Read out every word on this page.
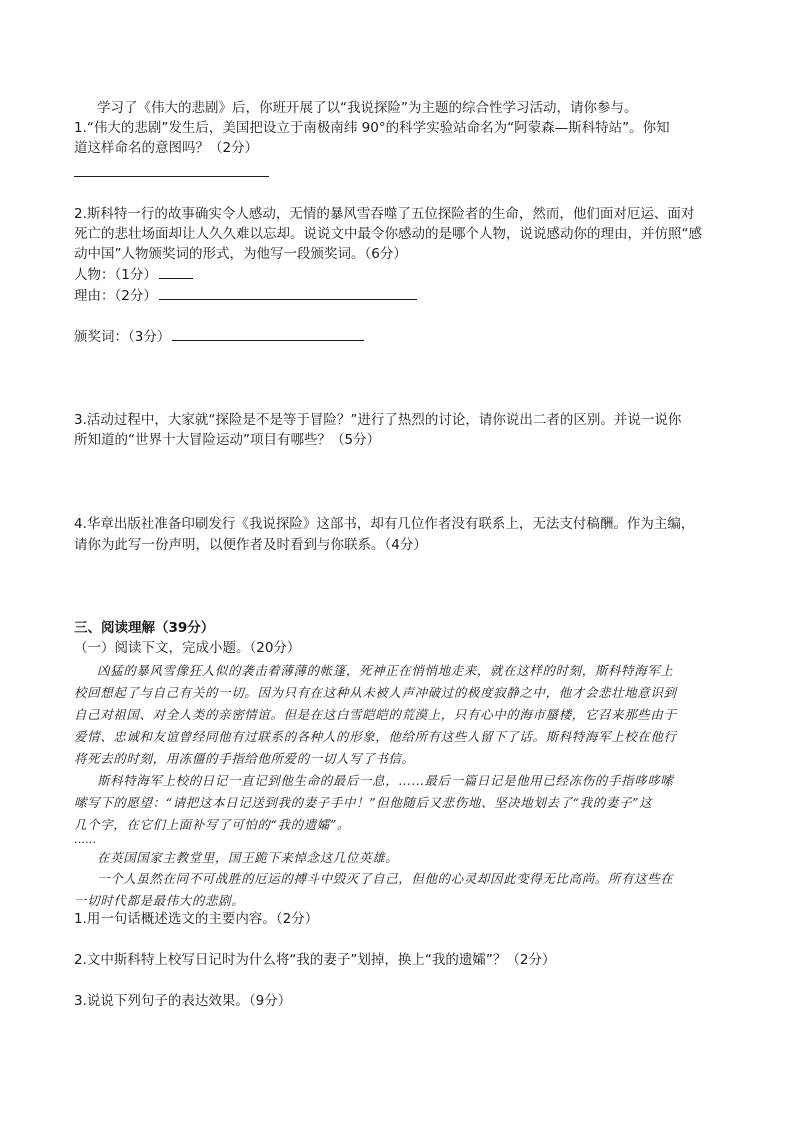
学习了《伟大的悲剧》后，你班开展了以“我说探险”为主题的综合性学习活动，请你参与。
1.“伟大的悲剧”发生后，美国把设立于南极南纬 90°的科学实验站命名为“阿蒙森—斯科特站”。你知
道这样命名的意图吗？（2分）
2.斯科特一行的故事确实令人感动，无情的暴风雪吞噬了五位探险者的生命，然而，他们面对厄运、面对
死亡的悲壮场面却让人久久难以忘却。说说文中最令你感动的是哪个人物，说说感动你的理由，并仿照“感
动中国”人物颁奖词的形式，为他写一段颁奖词。（6分）
人物：（1分）
理由：（2分）
颁奖词：（3分）
3.活动过程中，大家就“探险是不是等于冒险？”进行了热烈的讨论，请你说出二者的区别。并说一说你
所知道的“世界十大冒险运动”项目有哪些？（5分）
4.华章出版社准备印刷发行《我说探险》这部书，却有几位作者没有联系上，无法支付稿酬。作为主编，
请你为此写一份声明，以便作者及时看到与你联系。（4分）
三、阅读理解（39分）
（一）阅读下文，完成小题。（20分）
凶猛的暴风雪像狂人似的袭击着薄薄的帐篷，死神正在悄悄地走来，就在这样的时刻，斯科特海军上
校回想起了与自己有关的一切。因为只有在这种从未被人声冲破过的极度寂静之中，他才会悲壮地意识到
自己对祖国、对全人类的亲密情谊。但是在这白雪皑皑的荒漠上，只有心中的海市蜃楼，它召来那些由于
爱情、忠诚和友谊曾经同他有过联系的各种人的形象，他给所有这些人留下了话。斯科特海军上校在他行
将死去的时刻，用冻僵的手指给他所爱的一切人写了书信。
斯科特海军上校的日记一直记到他生命的最后一息，……最后一篇日记是他用已经冻伤的手指哆哆嗦
嗦写下的愿望：“请把这本日记送到我的妻子手中！”但他随后又悲伤地、坚决地划去了“我的妻子”这
几个字，在它们上面补写了可怕的“我的遗孀”。
……
在英国国家主教堂里，国王跪下来悼念这几位英雄。
一个人虽然在同不可战胜的厄运的搏斗中毁灭了自己，但他的心灵却因此变得无比高尚。所有这些在
一切时代都是最伟大的悲剧。
1.用一句话概述选文的主要内容。（2分）
2.文中斯科特上校写日记时为什么将“我的妻子”划掉，换上“我的遗孀”？（2分）
3.说说下列句子的表达效果。（9分）
